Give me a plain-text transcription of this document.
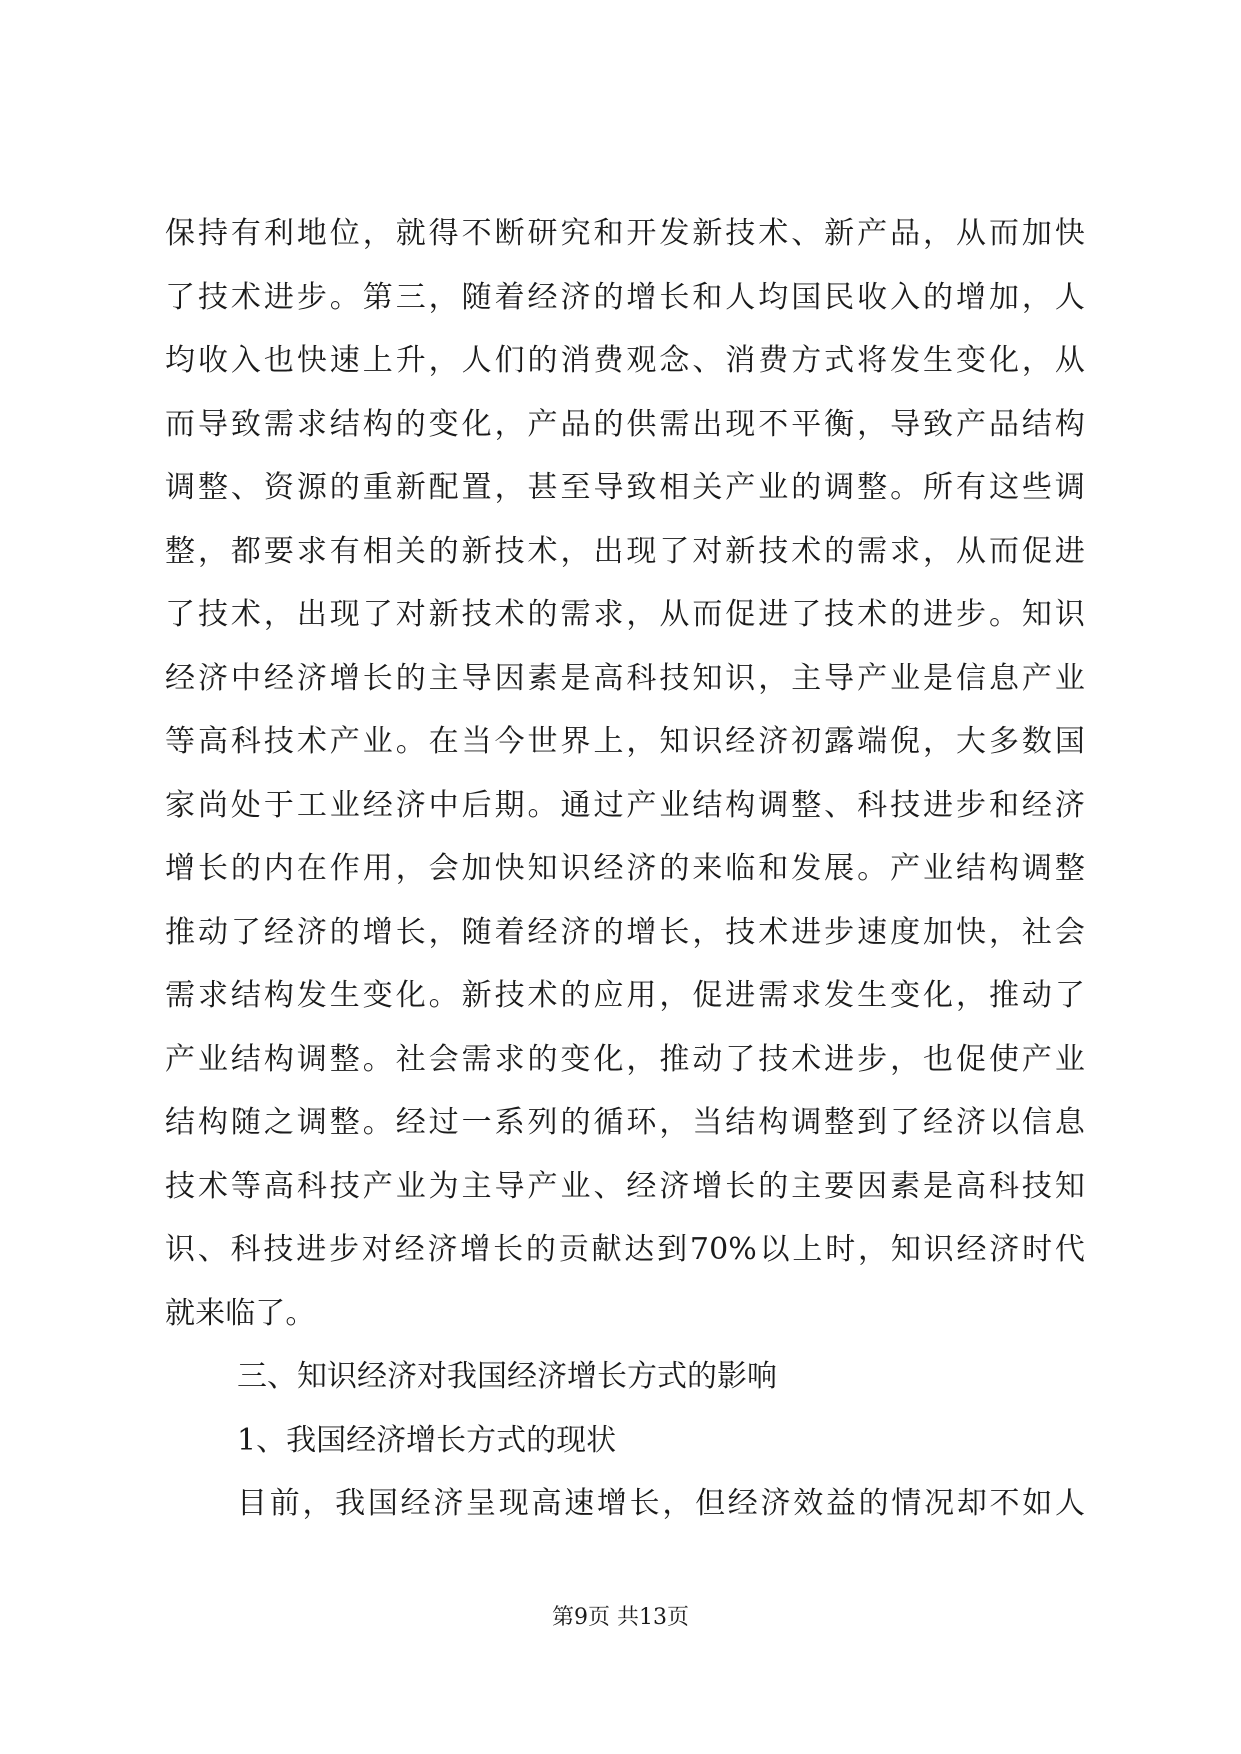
保持有利地位，就得不断研究和开发新技术、新产品，从而加快
了技术进步。第三，随着经济的增长和人均国民收入的增加，人
均收入也快速上升，人们的消费观念、消费方式将发生变化，从
而导致需求结构的变化，产品的供需出现不平衡，导致产品结构
调整、资源的重新配置，甚至导致相关产业的调整。所有这些调
整，都要求有相关的新技术，出现了对新技术的需求，从而促进
了技术，出现了对新技术的需求，从而促进了技术的进步。知识
经济中经济增长的主导因素是高科技知识，主导产业是信息产业
等高科技术产业。在当今世界上，知识经济初露端倪，大多数国
家尚处于工业经济中后期。通过产业结构调整、科技进步和经济
增长的内在作用，会加快知识经济的来临和发展。产业结构调整
推动了经济的增长，随着经济的增长，技术进步速度加快，社会
需求结构发生变化。新技术的应用，促进需求发生变化，推动了
产业结构调整。社会需求的变化，推动了技术进步，也促使产业
结构随之调整。经过一系列的循环，当结构调整到了经济以信息
技术等高科技产业为主导产业、经济增长的主要因素是高科技知
识、科技进步对经济增长的贡献达到70%以上时，知识经济时代
就来临了。
三、知识经济对我国经济增长方式的影响
1、我国经济增长方式的现状
目前，我国经济呈现高速增长，但经济效益的情况却不如人
第9页 共13页
